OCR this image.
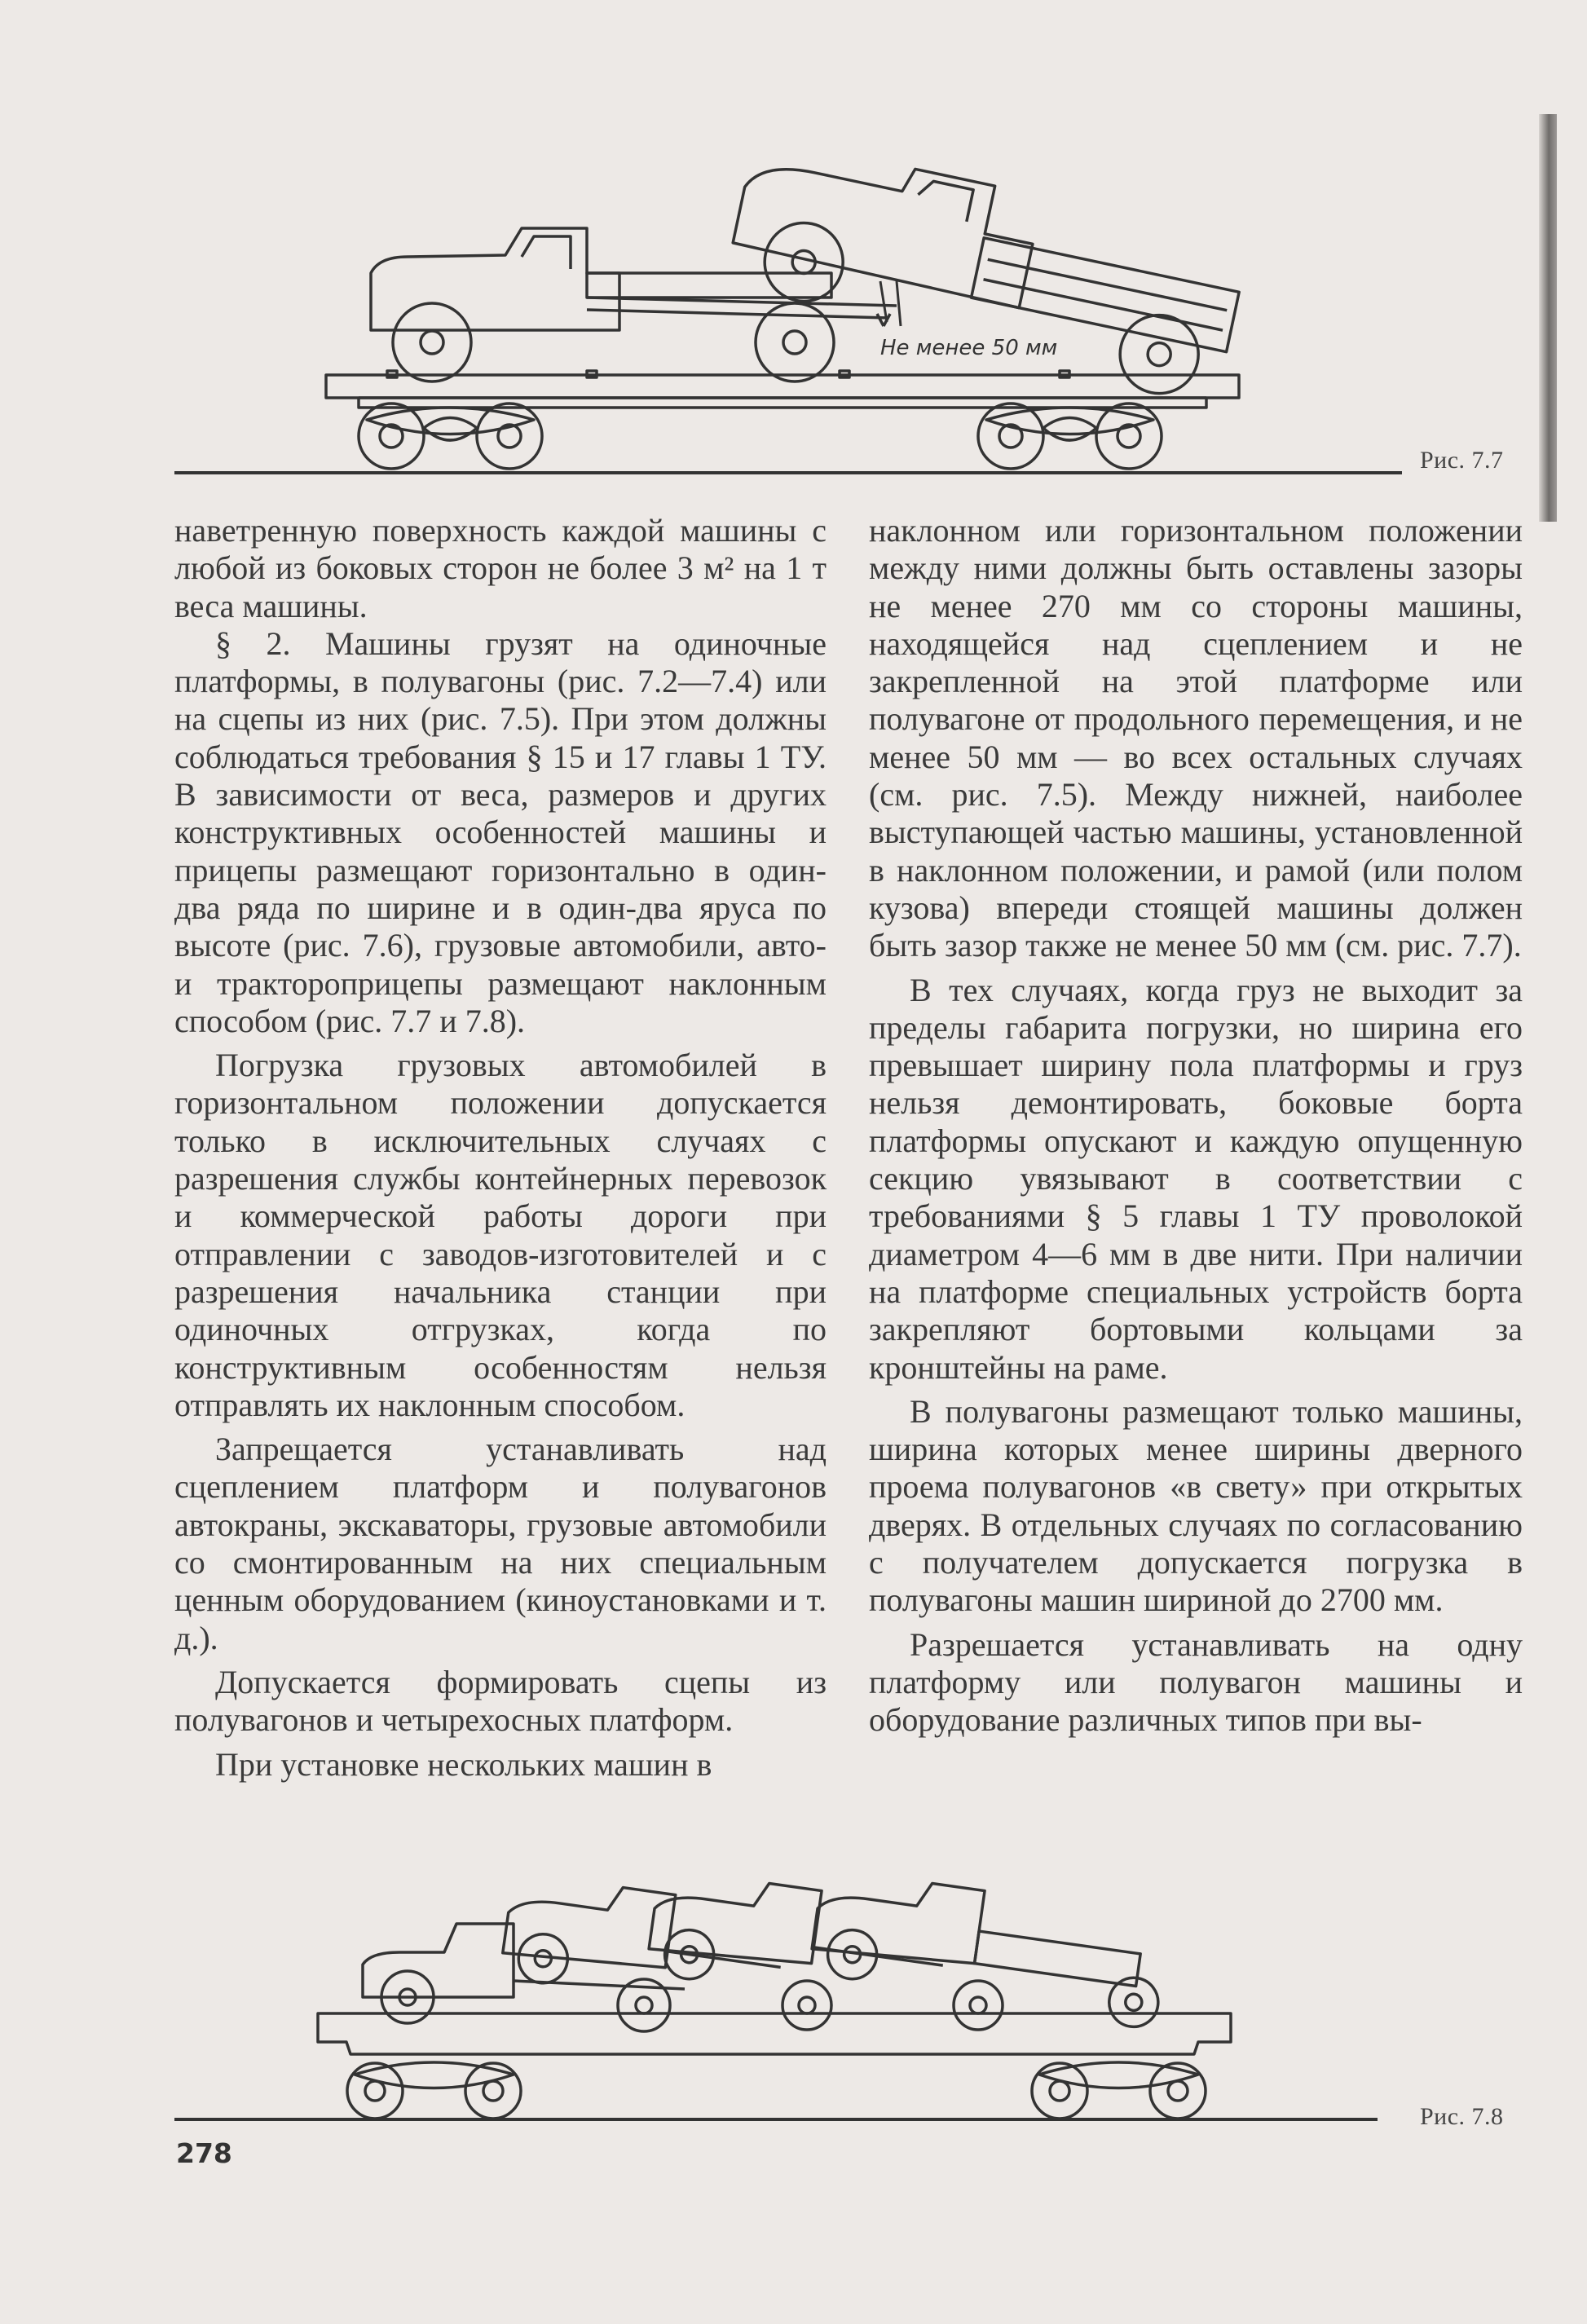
Не менее 50 мм
Рис. 7.7

наветренную поверхность каждой машины с любой из боковых сторон не более 3 м² на 1 т веса машины.

§ 2. Машины грузят на одиночные платформы, в полувагоны (рис. 7.2—7.4) или на сцепы из них (рис. 7.5). При этом должны соблюдаться требования § 15 и 17 главы 1 ТУ. В зависимости от веса, размеров и других конструктивных особенностей машины и прицепы размещают горизонтально в один-два ряда по ширине и в один-два яруса по высоте (рис. 7.6), грузовые автомобили, авто- и тракторoприцепы размещают наклонным способом (рис. 7.7 и 7.8).

Погрузка грузовых автомобилей в горизонтальном положении допускается только в исключительных случаях с разрешения службы контейнерных перевозок и коммерческой работы дороги при отправлении с заводов-изготовителей и с разрешения начальника станции при одиночных отгрузках, когда по конструктивным особенностям нельзя отправлять их наклонным способом.

Запрещается устанавливать над сцеплением платформ и полувагонов автокраны, экскаваторы, грузовые автомобили со смонтированным на них специальным ценным оборудованием (киноустановками и т. д.).

Допускается формировать сцепы из полувагонов и четырехосных платформ.

При установке нескольких машин в

наклонном или горизонтальном положении между ними должны быть оставлены зазоры не менее 270 мм со стороны машины, находящейся над сцеплением и не закрепленной на этой платформе или полувагоне от продольного перемещения, и не менее 50 мм — во всех остальных случаях (см. рис. 7.5). Между нижней, наиболее выступающей частью машины, установленной в наклонном положении, и рамой (или полом кузова) впереди стоящей машины должен быть зазор также не менее 50 мм (см. рис. 7.7).

В тех случаях, когда груз не выходит за пределы габарита погрузки, но ширина его превышает ширину пола платформы и груз нельзя демонтировать, боковые борта платформы опускают и каждую опущенную секцию увязывают в соответствии с требованиями § 5 главы 1 ТУ проволокой диаметром 4—6 мм в две нити. При наличии на платформе специальных устройств борта закрепляют бортовыми кольцами за кронштейны на раме.

В полувагоны размещают только машины, ширина которых менее ширины дверного проема полувагонов «в свету» при открытых дверях. В отдельных случаях по согласованию с получателем допускается погрузка в полувагоны машин шириной до 2700 мм.

Разрешается устанавливать на одну платформу или полувагон машины и оборудование различных типов при вы-

Рис. 7.8
278
